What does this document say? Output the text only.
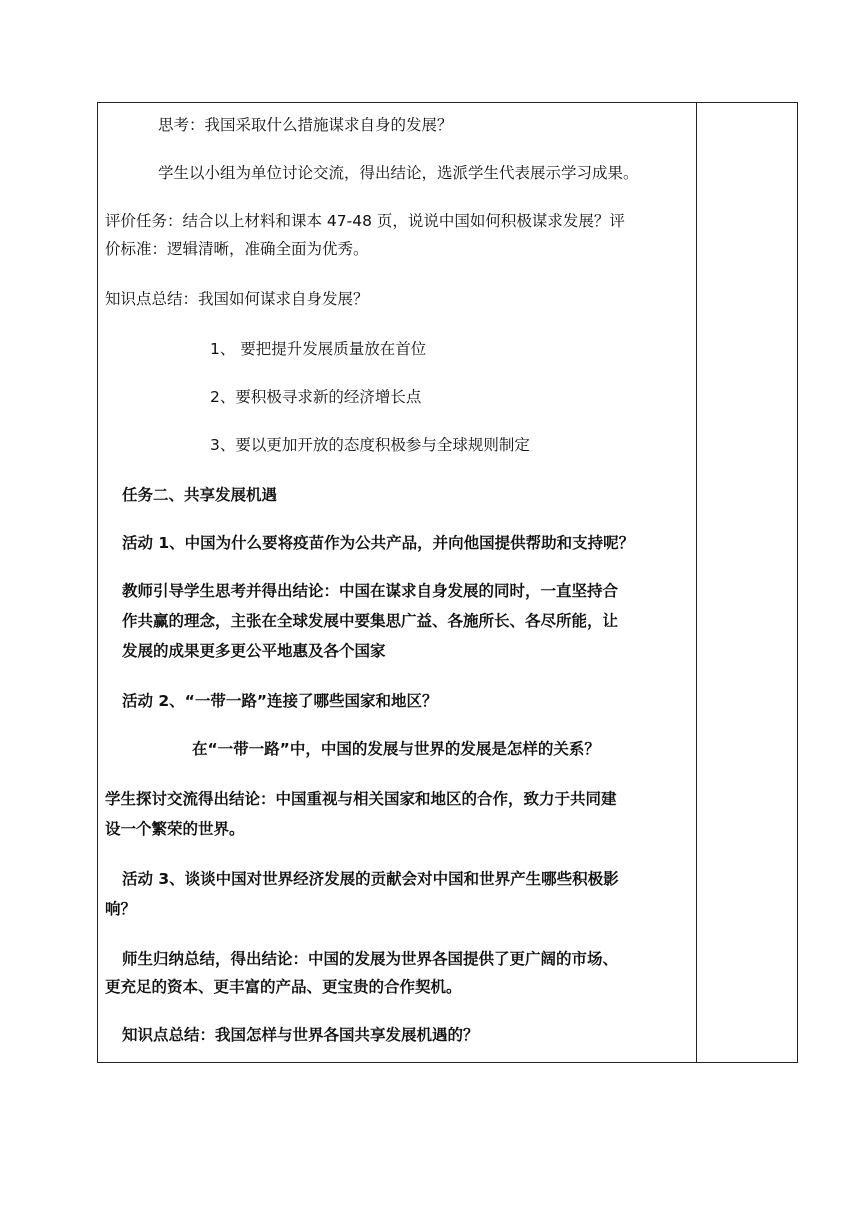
思考：我国采取什么措施谋求自身的发展？
学生以小组为单位讨论交流，得出结论，选派学生代表展示学习成果。
评价任务：结合以上材料和课本 47-48 页，说说中国如何积极谋求发展？评
价标准：逻辑清晰，准确全面为优秀。
知识点总结：我国如何谋求自身发展？
1、 要把提升发展质量放在首位
2、要积极寻求新的经济增长点
3、要以更加开放的态度积极参与全球规则制定
任务二、共享发展机遇
活动 1、中国为什么要将疫苗作为公共产品，并向他国提供帮助和支持呢？
教师引导学生思考并得出结论：中国在谋求自身发展的同时，一直坚持合
作共赢的理念，主张在全球发展中要集思广益、各施所长、各尽所能，让
发展的成果更多更公平地惠及各个国家
活动 2、“一带一路”连接了哪些国家和地区？
在“一带一路”中，中国的发展与世界的发展是怎样的关系？
学生探讨交流得出结论：中国重视与相关国家和地区的合作，致力于共同建
设一个繁荣的世界。
活动 3、谈谈中国对世界经济发展的贡献会对中国和世界产生哪些积极影
响？
师生归纳总结，得出结论：中国的发展为世界各国提供了更广阔的市场、
更充足的资本、更丰富的产品、更宝贵的合作契机。
知识点总结：我国怎样与世界各国共享发展机遇的？
